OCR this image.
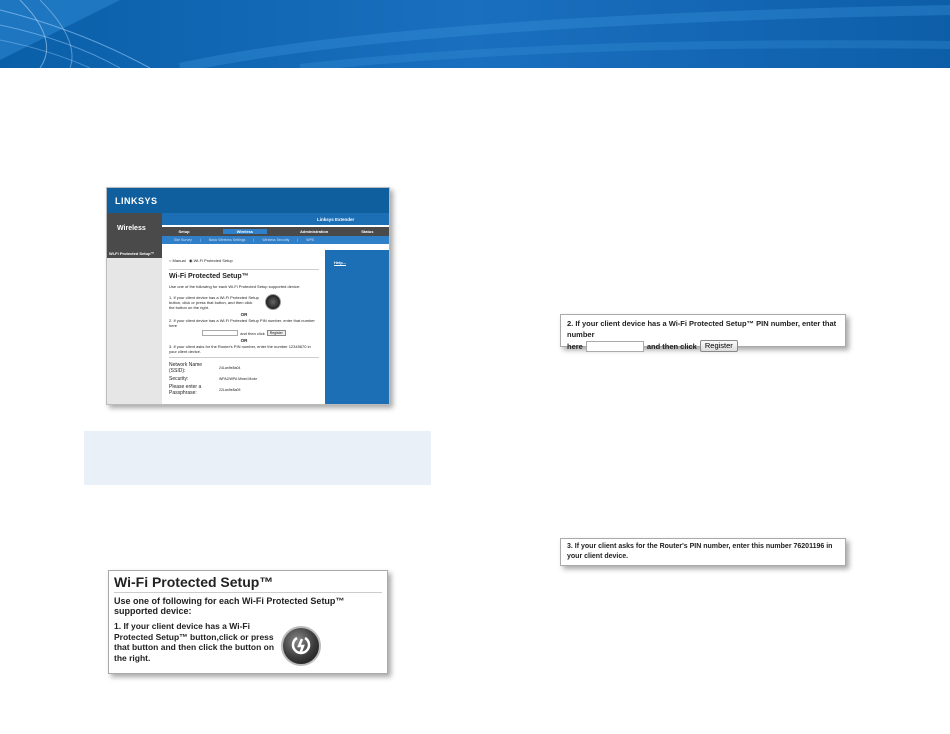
LINKSYS
Wireless
Linksys Extender
Setup	Wireless	Administration	Status
Site Survey | Basic Wireless Settings | Wireless Security | WPS
Wi-Fi Protected Setup™
Help...
○ Manual ◉ Wi-Fi Protected Setup
Wi-Fi Protected Setup™
Use one of the following for each Wi-Fi Protected Setup supported device:
1. If your client device has a Wi-Fi Protected Setup button, click or press that button, and then click the button on the right.
OR
2. If your client device has a Wi-Fi Protected Setup PIN number, enter that number here
and then click	Register
OR
3. If your client asks for the Router's PIN number, enter the number 12345670 in your client device.
Network Name (SSID):	24Lan9e8a04
Security:	WPA2/WPA Mixed Mode
Please enter a Passphrase:	22Lan9e8a05
Wi-Fi Protected Setup™
Use one of following for each Wi-Fi Protected Setup™ supported device:
1. If your client device has a Wi-Fi Protected Setup™ button,click or press that button and then click the button on the right.
2. If your client device has a Wi-Fi Protected Setup™ PIN number, enter that number
here	and then click	Register
3. If your client asks for the Router's PIN number, enter this number 76201196 in your client device.
